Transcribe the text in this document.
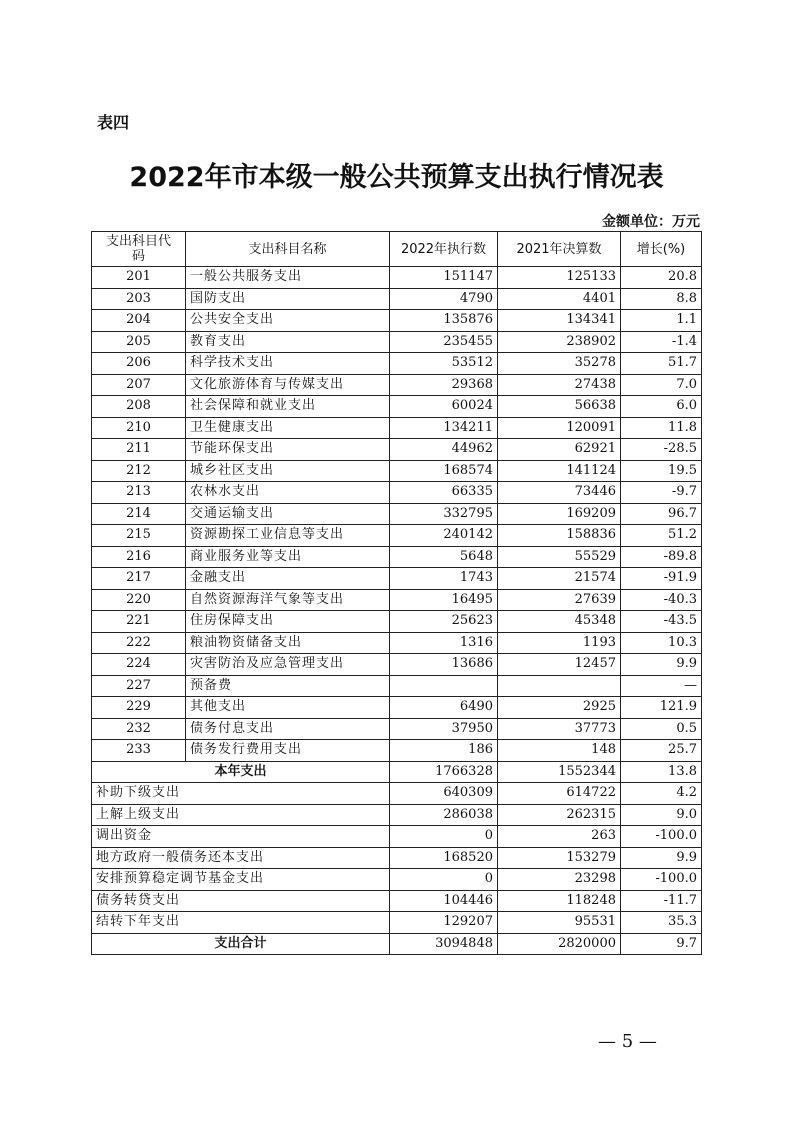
表四
2022年市本级一般公共预算支出执行情况表
金额单位：万元
支出科目代码	支出科目名称	2022年执行数	2021年决算数	增长(%)
201	一般公共服务支出	151147	125133	20.8
203	国防支出	4790	4401	8.8
204	公共安全支出	135876	134341	1.1
205	教育支出	235455	238902	-1.4
206	科学技术支出	53512	35278	51.7
207	文化旅游体育与传媒支出	29368	27438	7.0
208	社会保障和就业支出	60024	56638	6.0
210	卫生健康支出	134211	120091	11.8
211	节能环保支出	44962	62921	-28.5
212	城乡社区支出	168574	141124	19.5
213	农林水支出	66335	73446	-9.7
214	交通运输支出	332795	169209	96.7
215	资源勘探工业信息等支出	240142	158836	51.2
216	商业服务业等支出	5648	55529	-89.8
217	金融支出	1743	21574	-91.9
220	自然资源海洋气象等支出	16495	27639	-40.3
221	住房保障支出	25623	45348	-43.5
222	粮油物资储备支出	1316	1193	10.3
224	灾害防治及应急管理支出	13686	12457	9.9
227	预备费			—
229	其他支出	6490	2925	121.9
232	债务付息支出	37950	37773	0.5
233	债务发行费用支出	186	148	25.7
本年支出		1766328	1552344	13.8
补助下级支出		640309	614722	4.2
上解上级支出		286038	262315	9.0
调出资金		0	263	-100.0
地方政府一般债务还本支出		168520	153279	9.9
安排预算稳定调节基金支出		0	23298	-100.0
债务转贷支出		104446	118248	-11.7
结转下年支出		129207	95531	35.3
支出合计		3094848	2820000	9.7
— 5 —
